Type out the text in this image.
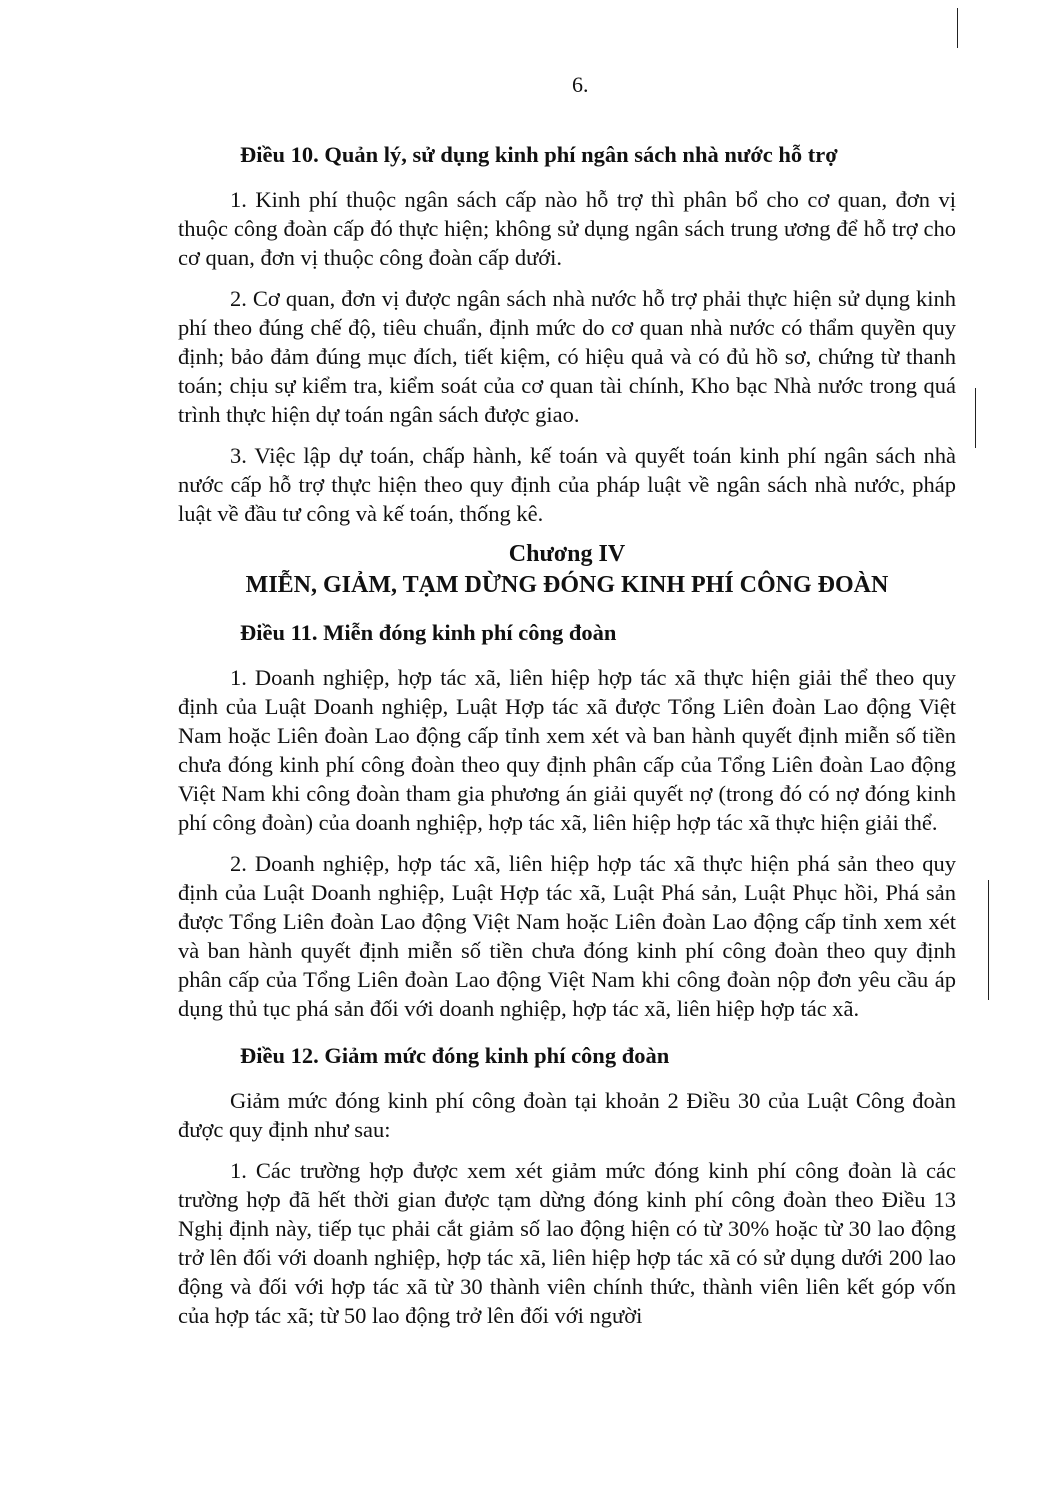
6.
Điều 10. Quản lý, sử dụng kinh phí ngân sách nhà nước hỗ trợ

1. Kinh phí thuộc ngân sách cấp nào hỗ trợ thì phân bổ cho cơ quan, đơn vị thuộc công đoàn cấp đó thực hiện; không sử dụng ngân sách trung ương để hỗ trợ cho cơ quan, đơn vị thuộc công đoàn cấp dưới.

2. Cơ quan, đơn vị được ngân sách nhà nước hỗ trợ phải thực hiện sử dụng kinh phí theo đúng chế độ, tiêu chuẩn, định mức do cơ quan nhà nước có thẩm quyền quy định; bảo đảm đúng mục đích, tiết kiệm, có hiệu quả và có đủ hồ sơ, chứng từ thanh toán; chịu sự kiểm tra, kiểm soát của cơ quan tài chính, Kho bạc Nhà nước trong quá trình thực hiện dự toán ngân sách được giao.

3. Việc lập dự toán, chấp hành, kế toán và quyết toán kinh phí ngân sách nhà nước cấp hỗ trợ thực hiện theo quy định của pháp luật về ngân sách nhà nước, pháp luật về đầu tư công và kế toán, thống kê.

Chương IV
MIỄN, GIẢM, TẠM DỪNG ĐÓNG KINH PHÍ CÔNG ĐOÀN
Điều 11. Miễn đóng kinh phí công đoàn

1. Doanh nghiệp, hợp tác xã, liên hiệp hợp tác xã thực hiện giải thể theo quy định của Luật Doanh nghiệp, Luật Hợp tác xã được Tổng Liên đoàn Lao động Việt Nam hoặc Liên đoàn Lao động cấp tỉnh xem xét và ban hành quyết định miễn số tiền chưa đóng kinh phí công đoàn theo quy định phân cấp của Tổng Liên đoàn Lao động Việt Nam khi công đoàn tham gia phương án giải quyết nợ (trong đó có nợ đóng kinh phí công đoàn) của doanh nghiệp, hợp tác xã, liên hiệp hợp tác xã thực hiện giải thể.

2. Doanh nghiệp, hợp tác xã, liên hiệp hợp tác xã thực hiện phá sản theo quy định của Luật Doanh nghiệp, Luật Hợp tác xã, Luật Phá sản, Luật Phục hồi, Phá sản được Tổng Liên đoàn Lao động Việt Nam hoặc Liên đoàn Lao động cấp tỉnh xem xét và ban hành quyết định miễn số tiền chưa đóng kinh phí công đoàn theo quy định phân cấp của Tổng Liên đoàn Lao động Việt Nam khi công đoàn nộp đơn yêu cầu áp dụng thủ tục phá sản đối với doanh nghiệp, hợp tác xã, liên hiệp hợp tác xã.

Điều 12. Giảm mức đóng kinh phí công đoàn

Giảm mức đóng kinh phí công đoàn tại khoản 2 Điều 30 của Luật Công đoàn được quy định như sau:

1. Các trường hợp được xem xét giảm mức đóng kinh phí công đoàn là các trường hợp đã hết thời gian được tạm dừng đóng kinh phí công đoàn theo Điều 13 Nghị định này, tiếp tục phải cắt giảm số lao động hiện có từ 30% hoặc từ 30 lao động trở lên đối với doanh nghiệp, hợp tác xã, liên hiệp hợp tác xã có sử dụng dưới 200 lao động và đối với hợp tác xã từ 30 thành viên chính thức, thành viên liên kết góp vốn của hợp tác xã; từ 50 lao động trở lên đối với người
